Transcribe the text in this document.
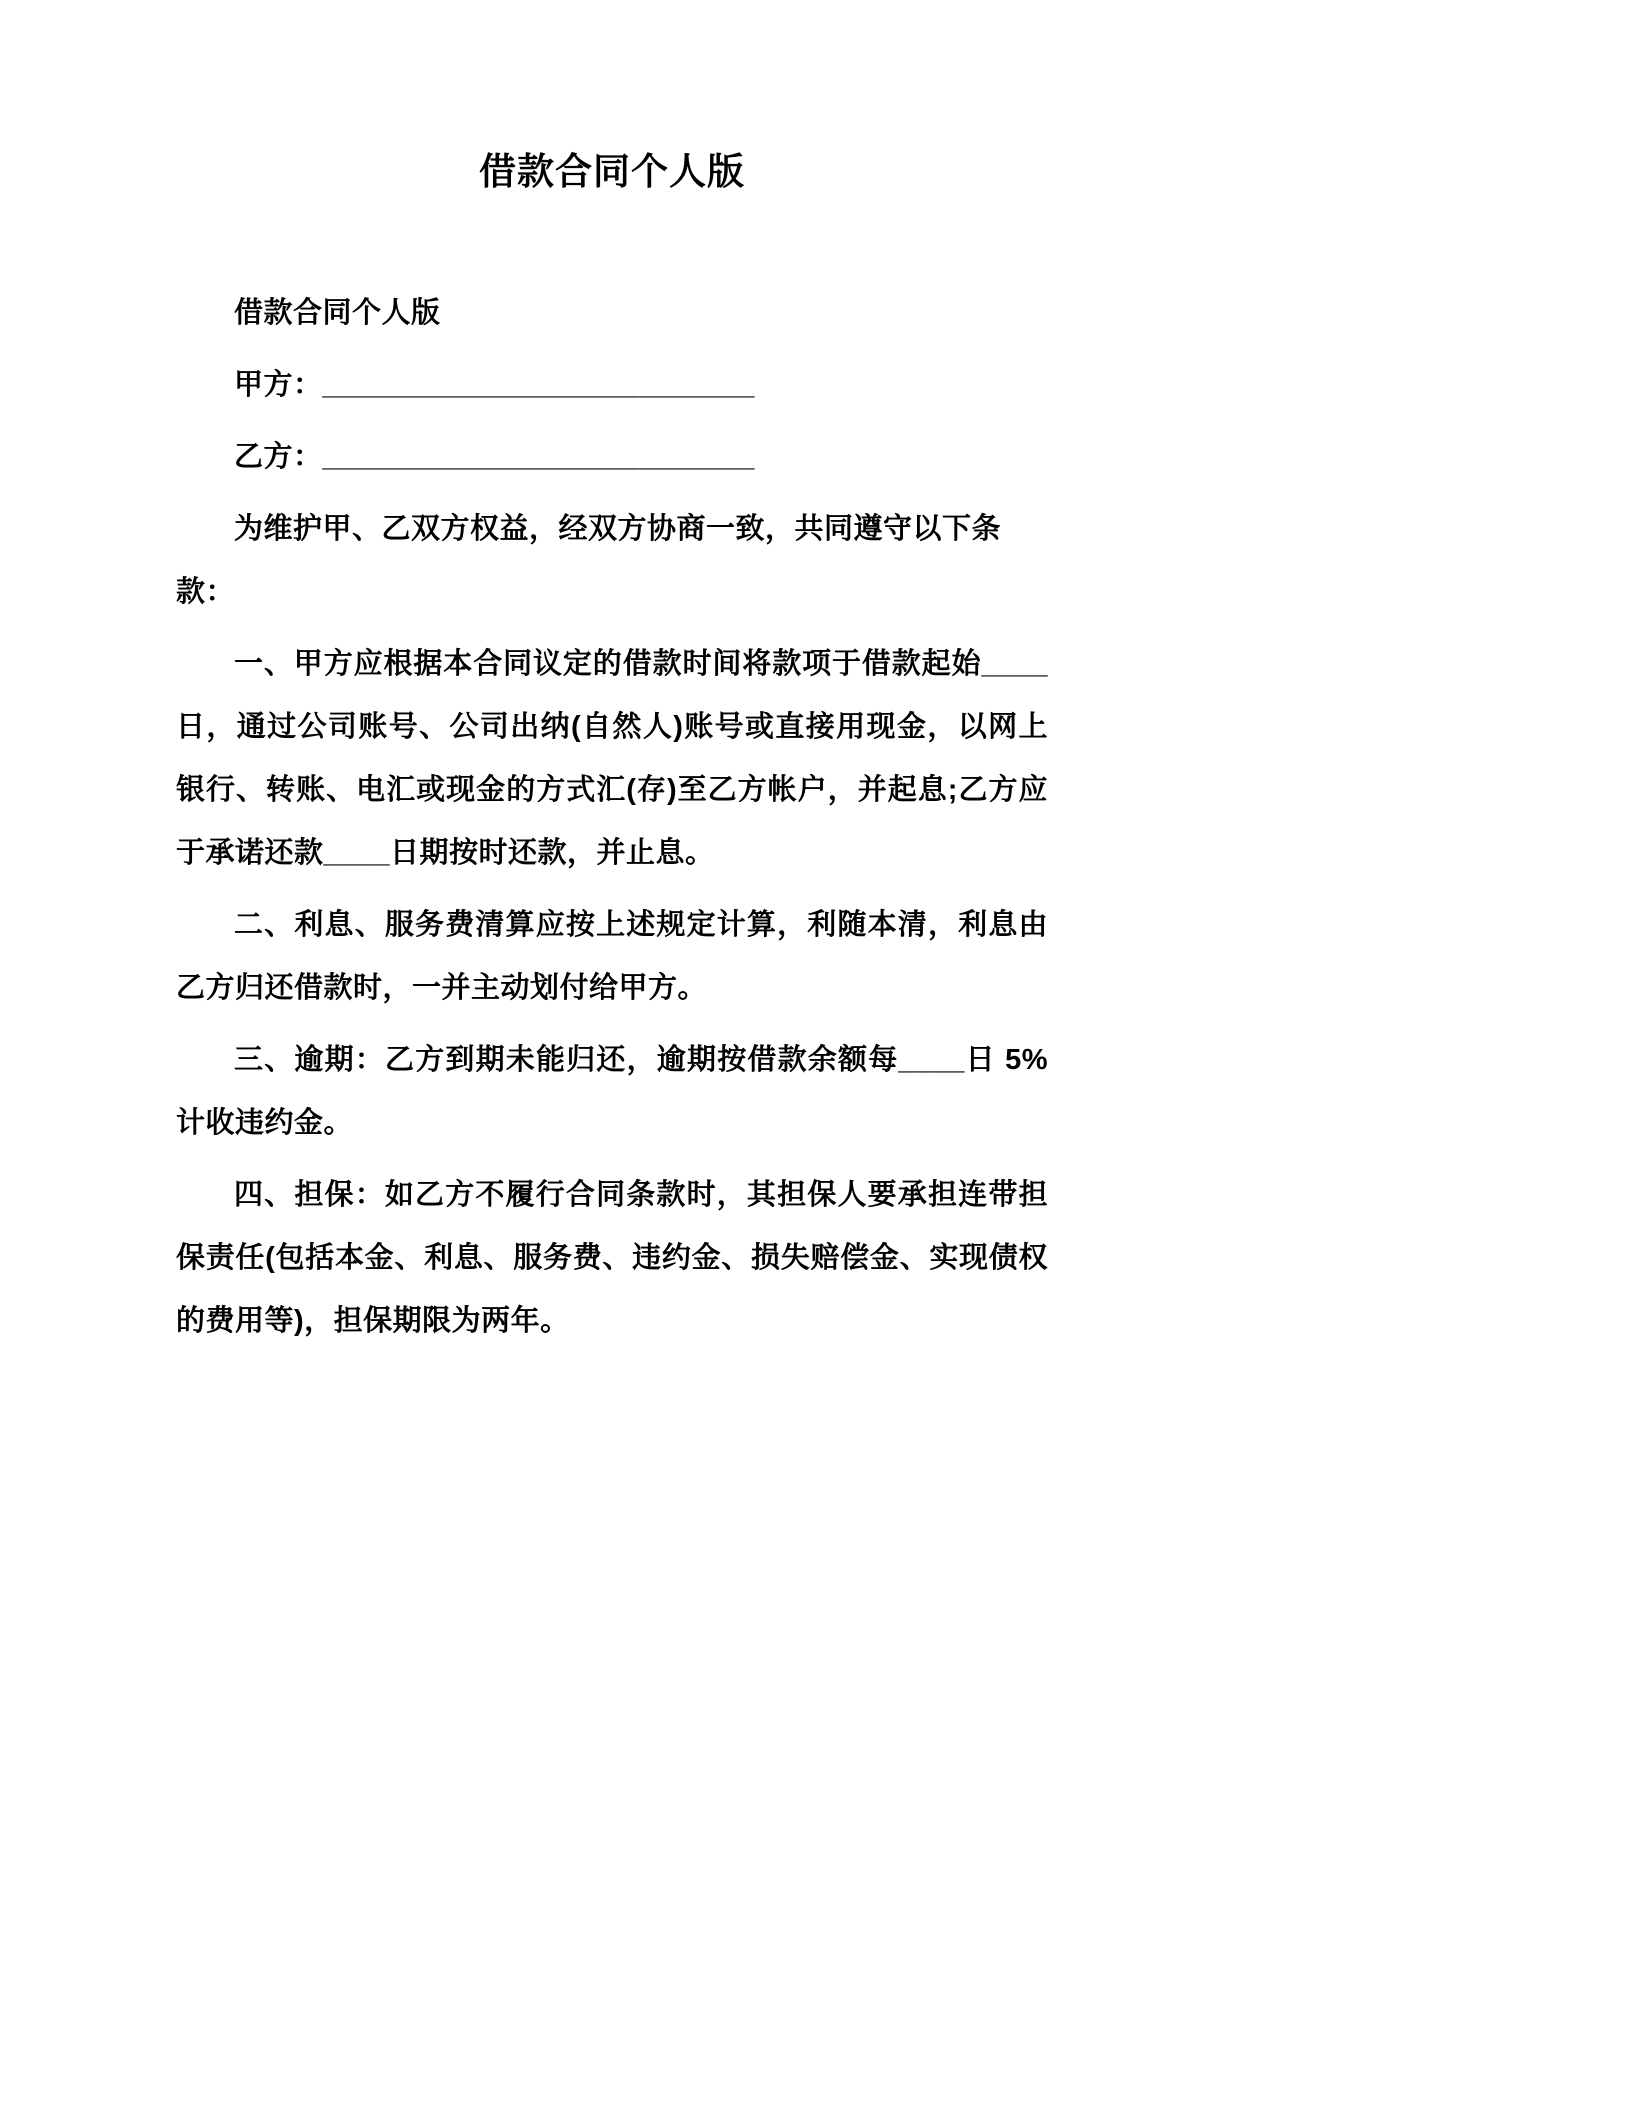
借款合同个人版

借款合同个人版

甲方：__________________________

乙方：__________________________

为维护甲、乙双方权益，经双方协商一致，共同遵守以下条款：

一、甲方应根据本合同议定的借款时间将款项于借款起始____日，通过公司账号、公司出纳(自然人)账号或直接用现金，以网上银行、转账、电汇或现金的方式汇(存)至乙方帐户，并起息;乙方应于承诺还款____日期按时还款，并止息。

二、利息、服务费清算应按上述规定计算，利随本清，利息由乙方归还借款时，一并主动划付给甲方。

三、逾期：乙方到期未能归还，逾期按借款余额每____日 5%计收违约金。

四、担保：如乙方不履行合同条款时，其担保人要承担连带担保责任(包括本金、利息、服务费、违约金、损失赔偿金、实现债权的费用等)，担保期限为两年。
